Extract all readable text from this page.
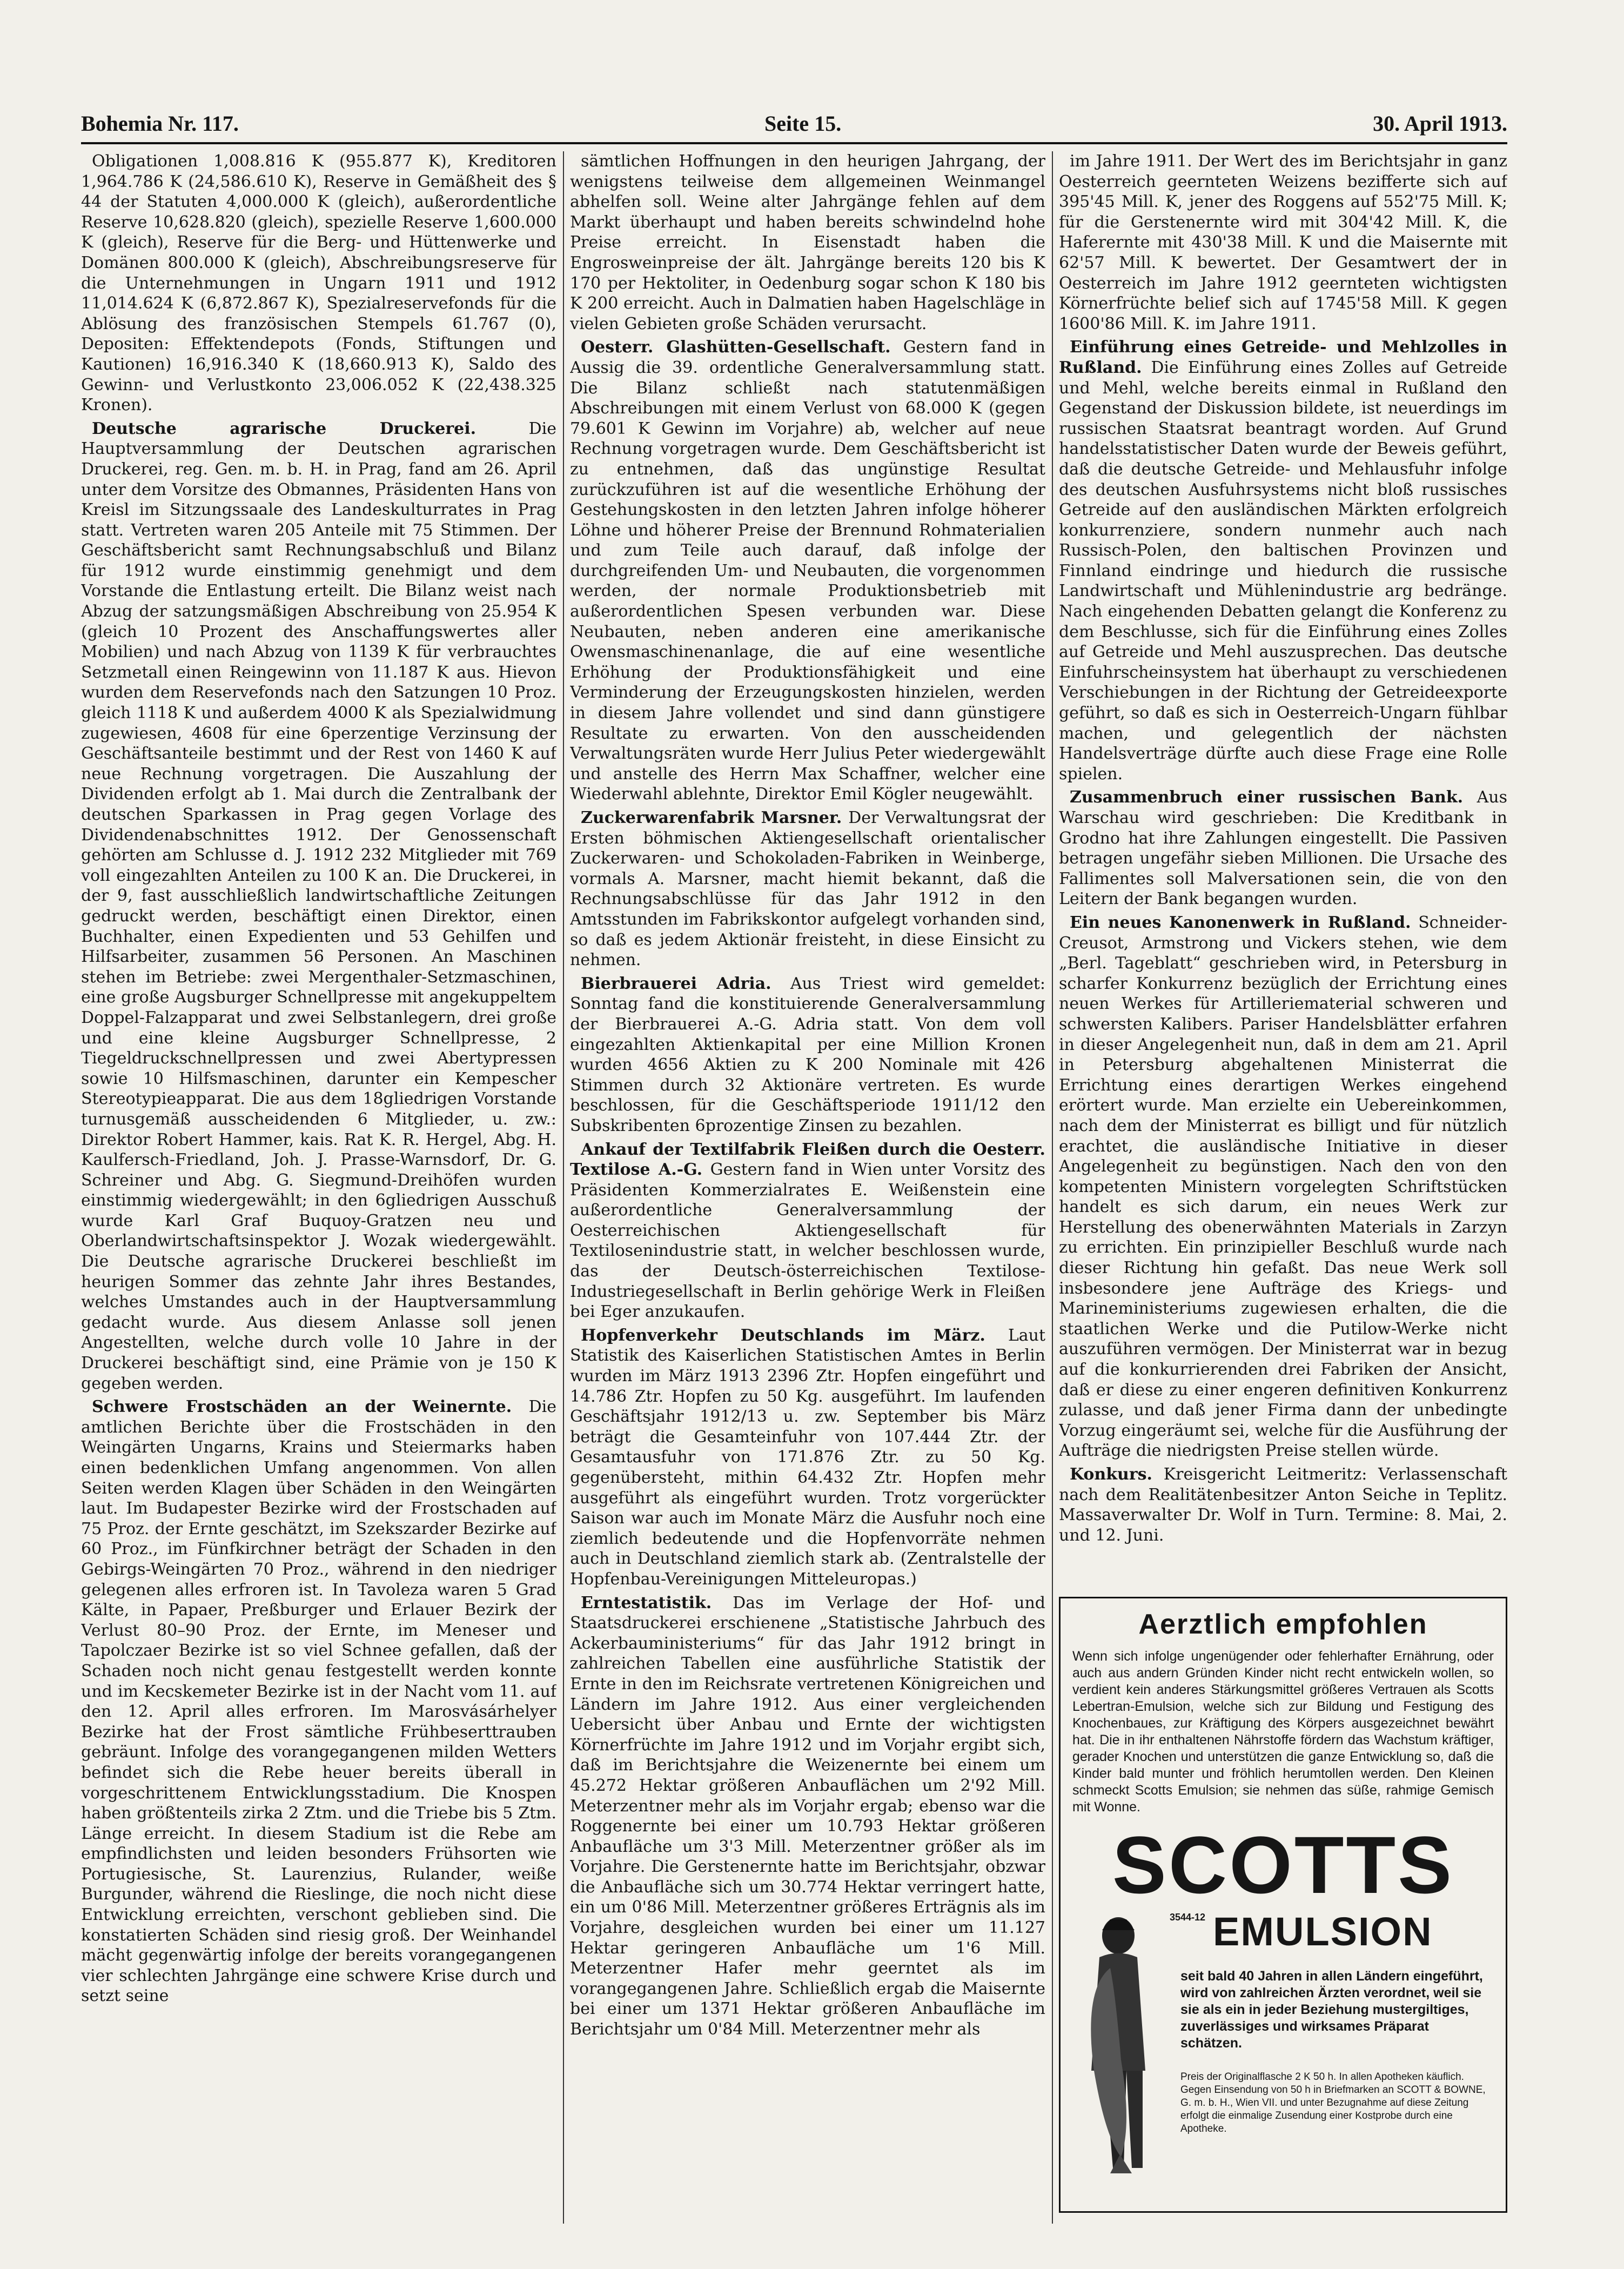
Bohemia Nr. 117.	Seite 15.	30. April 1913.

Obligationen 1,008.816 K (955.877 K), Kreditoren 1,964.786 K (24,586.610 K), Reserve in Gemäßheit des § 44 der Statuten 4,000.000 K (gleich), außerordentliche Reserve 10,628.820 (gleich), spezielle Reserve 1,600.000 K (gleich), Reserve für die Berg- und Hüttenwerke und Domänen 800.000 K (gleich), Abschreibungsreserve für die Unternehmungen in Ungarn 1911 und 1912 11,014.624 K (6,872.867 K), Spezialreservefonds für die Ablösung des französischen Stempels 61.767 (0), Depositen: Effektendepots (Fonds, Stiftungen und Kautionen) 16,916.340 K (18,660.913 K), Saldo des Gewinn- und Verlustkonto 23,006.052 K (22,438.325 Kronen).

Deutsche agrarische Druckerei.	Die Hauptversammlung der Deutschen agrarischen Druckerei, reg. Gen. m. b. H. in Prag, fand am 26. April unter dem Vorsitze des Obmannes, Präsidenten Hans von Kreisl im Sitzungssaale des Landeskulturrates in Prag statt. Vertreten waren 205 Anteile mit 75 Stimmen. Der Geschäftsbericht samt Rechnungsabschluß und Bilanz für 1912 wurde einstimmig genehmigt und dem Vorstande die Entlastung erteilt. Die Bilanz weist nach Abzug der satzungsmäßigen Abschreibung von 25.954 K (gleich 10 Prozent des Anschaffungswertes aller Mobilien) und nach Abzug von 1139 K für verbrauchtes Setzmetall einen Reingewinn von 11.187 K aus. Hievon wurden dem Reservefonds nach den Satzungen 10 Proz. gleich 1118 K und außerdem 4000 K als Spezialwidmung zugewiesen, 4608 für eine 6perzentige Verzinsung der Geschäftsanteile bestimmt und der Rest von 1460 K auf neue Rechnung vorgetragen. Die Auszahlung der Dividenden erfolgt ab 1. Mai durch die Zentralbank der deutschen Sparkassen in Prag gegen Vorlage des Dividendenabschnittes 1912. Der Genossenschaft gehörten am Schlusse d. J. 1912 232 Mitglieder mit 769 voll eingezahlten Anteilen zu 100 K an. Die Druckerei, in der 9, fast ausschließlich landwirtschaftliche Zeitungen gedruckt werden, beschäftigt einen Direktor, einen Buchhalter, einen Expedienten und 53 Gehilfen und Hilfsarbeiter, zusammen 56 Personen. An Maschinen stehen im Betriebe: zwei Mergenthaler-Setzmaschinen, eine große Augsburger Schnellpresse mit angekuppeltem Doppel-Falzapparat und zwei Selbstanlegern, drei große und eine kleine Augsburger Schnellpresse, 2 Tiegeldruckschnellpressen und zwei Abertypressen sowie 10 Hilfsmaschinen, darunter ein Kempescher Stereotypieapparat. Die aus dem 18gliedrigen Vorstande turnusgemäß ausscheidenden 6 Mitglieder, u. zw.: Direktor Robert Hammer, kais. Rat K. R. Hergel, Abg. H. Kaulfersch-Friedland, Joh. J. Prasse-Warnsdorf, Dr. G. Schreiner und Abg. G. Siegmund-Dreihöfen wurden einstimmig wiedergewählt; in den 6gliedrigen Ausschuß wurde Karl Graf Buquoy-Gratzen neu und Oberlandwirtschaftsinspektor J. Wozak wiedergewählt. Die Deutsche agrarische Druckerei beschließt im heurigen Sommer das zehnte Jahr ihres Bestandes, welches Umstandes auch in der Hauptversammlung gedacht wurde. Aus diesem Anlasse soll jenen Angestellten, welche durch volle 10 Jahre in der Druckerei beschäftigt sind, eine Prämie von je 150 K gegeben werden.

Schwere Frostschäden an der Weinernte. Die amtlichen Berichte über die Frostschäden in den Weingärten Ungarns, Krains und Steiermarks haben einen bedenklichen Umfang angenommen. Von allen Seiten werden Klagen über Schäden in den Weingärten laut. Im Budapester Bezirke wird der Frostschaden auf 75 Proz. der Ernte geschätzt, im Szekszarder Bezirke auf 60 Proz., im Fünfkirchner beträgt der Schaden in den Gebirgs-Weingärten 70 Proz., während in den niedriger gelegenen alles erfroren ist. In Tavoleza waren 5 Grad Kälte, in Papaer, Preßburger und Erlauer Bezirk der Verlust 80–90 Proz. der Ernte, im Meneser und Tapolczaer Bezirke ist so viel Schnee gefallen, daß der Schaden noch nicht genau festgestellt werden konnte und im Kecskemeter Bezirke ist in der Nacht vom 11. auf den 12. April alles erfroren. Im Marosvásárhelyer Bezirke hat der Frost sämtliche Frühbeserttrauben gebräunt. Infolge des vorangegangenen milden Wetters befindet sich die Rebe heuer bereits überall in vorgeschrittenem Entwicklungsstadium. Die Knospen haben größtenteils zirka 2 Ztm. und die Triebe bis 5 Ztm. Länge erreicht. In diesem Stadium ist die Rebe am empfindlichsten und leiden besonders Frühsorten wie Portugiesische, St. Laurenzius, Rulander, weiße Burgunder, während die Rieslinge, die noch nicht diese Entwicklung erreichten, verschont geblieben sind. Die konstatierten Schäden sind riesig groß. Der Weinhandel mächt gegenwärtig infolge der bereits vorangegangenen vier schlechten Jahrgänge eine schwere Krise durch und setzt seine

sämtlichen Hoffnungen in den heurigen Jahrgang, der wenigstens teilweise dem allgemeinen Weinmangel abhelfen soll. Weine alter Jahrgänge fehlen auf dem Markt überhaupt und haben bereits schwindelnd hohe Preise erreicht. In Eisenstadt haben die Engrosweinpreise der ält. Jahrgänge bereits 120 bis K 170 per Hektoliter, in Oedenburg sogar schon K 180 bis K 200 erreicht. Auch in Dalmatien haben Hagelschläge in vielen Gebieten große Schäden verursacht.

Oesterr. Glashütten-Gesellschaft. Gestern fand in Aussig die 39. ordentliche Generalversammlung statt. Die Bilanz schließt nach statutenmäßigen Abschreibungen mit einem Verlust von 68.000 K (gegen 79.601 K Gewinn im Vorjahre) ab, welcher auf neue Rechnung vorgetragen wurde. Dem Geschäftsbericht ist zu entnehmen, daß das ungünstige Resultat zurückzuführen ist auf die wesentliche Erhöhung der Gestehungskosten in den letzten Jahren infolge höherer Löhne und höherer Preise der Brennund Rohmaterialien und zum Teile auch darauf, daß infolge der durchgreifenden Um- und Neubauten, die vorgenommen werden, der normale Produktionsbetrieb mit außerordentlichen Spesen verbunden war. Diese Neubauten, neben anderen eine amerikanische Owensmaschinenanlage, die auf eine wesentliche Erhöhung der Produktionsfähigkeit und eine Verminderung der Erzeugungskosten hinzielen, werden in diesem Jahre vollendet und sind dann günstigere Resultate zu erwarten. Von den ausscheidenden Verwaltungsräten wurde Herr Julius Peter wiedergewählt und anstelle des Herrn Max Schaffner, welcher eine Wiederwahl ablehnte, Direktor Emil Kögler neugewählt.

Zuckerwarenfabrik Marsner. Der Verwaltungsrat der Ersten böhmischen Aktiengesellschaft orientalischer Zuckerwaren- und Schokoladen-Fabriken in Weinberge, vormals A. Marsner, macht hiemit bekannt, daß die Rechnungsabschlüsse für das Jahr 1912 in den Amtsstunden im Fabrikskontor aufgelegt vorhanden sind, so daß es jedem Aktionär freisteht, in diese Einsicht zu nehmen.

Bierbrauerei Adria. Aus Triest wird gemeldet: Sonntag fand die konstituierende Generalversammlung der Bierbrauerei A.-G. Adria statt. Von dem voll eingezahlten Aktienkapital per eine Million Kronen wurden 4656 Aktien zu K 200 Nominale mit 426 Stimmen durch 32 Aktionäre vertreten. Es wurde beschlossen, für die Geschäftsperiode 1911/12 den Subskribenten 6prozentige Zinsen zu bezahlen.

Ankauf der Textilfabrik Fleißen durch die Oesterr. Textilose A.-G. Gestern fand in Wien unter Vorsitz des Präsidenten Kommerzialrates E. Weißenstein eine außerordentliche Generalversammlung der Oesterreichischen Aktiengesellschaft für Textilosenindustrie statt, in welcher beschlossen wurde, das der Deutsch-österreichischen Textilose-Industriegesellschaft in Berlin gehörige Werk in Fleißen bei Eger anzukaufen.

Hopfenverkehr Deutschlands im März. Laut Statistik des Kaiserlichen Statistischen Amtes in Berlin wurden im März 1913 2396 Ztr. Hopfen eingeführt und 14.786 Ztr. Hopfen zu 50 Kg. ausgeführt. Im laufenden Geschäftsjahr 1912/13 u. zw. September bis März beträgt die Gesamteinfuhr von 107.444 Ztr. der Gesamtausfuhr von 171.876 Ztr. zu 50 Kg. gegenübersteht, mithin 64.432 Ztr. Hopfen mehr ausgeführt als eingeführt wurden. Trotz vorgerückter Saison war auch im Monate März die Ausfuhr noch eine ziemlich bedeutende und die Hopfenvorräte nehmen auch in Deutschland ziemlich stark ab. (Zentralstelle der Hopfenbau-Vereinigungen Mitteleuropas.)

Erntestatistik. Das im Verlage der Hof- und Staatsdruckerei erschienene „Statistische Jahrbuch des Ackerbauministeriums“ für das Jahr 1912 bringt in zahlreichen Tabellen eine ausführliche Statistik der Ernte in den im Reichsrate vertretenen Königreichen und Ländern im Jahre 1912. Aus einer vergleichenden Uebersicht über Anbau und Ernte der wichtigsten Körnerfrüchte im Jahre 1912 und im Vorjahr ergibt sich, daß im Berichtsjahre die Weizenernte bei einem um 45.272 Hektar größeren Anbauflächen um 2'92 Mill. Meterzentner mehr als im Vorjahr ergab; ebenso war die Roggenernte bei einer um 10.793 Hektar größeren Anbaufläche um 3'3 Mill. Meterzentner größer als im Vorjahre. Die Gerstenernte hatte im Berichtsjahr, obzwar die Anbaufläche sich um 30.774 Hektar verringert hatte, ein um 0'86 Mill. Meterzentner größeres Erträgnis als im Vorjahre, desgleichen wurden bei einer um 11.127 Hektar geringeren Anbaufläche um 1'6 Mill. Meterzentner Hafer mehr geerntet als im vorangegangenen Jahre. Schließlich ergab die Maisernte bei einer um 1371 Hektar größeren Anbaufläche im Berichtsjahr um 0'84 Mill. Meterzentner mehr als

im Jahre 1911. Der Wert des im Berichtsjahr in ganz Oesterreich geernteten Weizens bezifferte sich auf 395'45 Mill. K, jener des Roggens auf 552'75 Mill. K; für die Gerstenernte wird mit 304'42 Mill. K, die Haferernte mit 430'38 Mill. K und die Maisernte mit 62'57 Mill. K bewertet. Der Gesamtwert der in Oesterreich im Jahre 1912 geernteten wichtigsten Körnerfrüchte belief sich auf 1745'58 Mill. K gegen 1600'86 Mill. K. im Jahre 1911.

Einführung eines Getreide- und Mehlzolles in Rußland. Die Einführung eines Zolles auf Getreide und Mehl, welche bereits einmal in Rußland den Gegenstand der Diskussion bildete, ist neuerdings im russischen Staatsrat beantragt worden. Auf Grund handelsstatistischer Daten wurde der Beweis geführt, daß die deutsche Getreide- und Mehlausfuhr infolge des deutschen Ausfuhrsystems nicht bloß russisches Getreide auf den ausländischen Märkten erfolgreich konkurrenziere, sondern nunmehr auch nach Russisch-Polen, den baltischen Provinzen und Finnland eindringe und hiedurch die russische Landwirtschaft und Mühlenindustrie arg bedränge. Nach eingehenden Debatten gelangt die Konferenz zu dem Beschlusse, sich für die Einführung eines Zolles auf Getreide und Mehl auszusprechen. Das deutsche Einfuhrscheinsystem hat überhaupt zu verschiedenen Verschiebungen in der Richtung der Getreideexporte geführt, so daß es sich in Oesterreich-Ungarn fühlbar machen, und gelegentlich der nächsten Handelsverträge dürfte auch diese Frage eine Rolle spielen.

Zusammenbruch einer russischen Bank. Aus Warschau wird geschrieben: Die Kreditbank in Grodno hat ihre Zahlungen eingestellt. Die Passiven betragen ungefähr sieben Millionen. Die Ursache des Fallimentes soll Malversationen sein, die von den Leitern der Bank begangen wurden.

Ein neues Kanonenwerk in Rußland. Schneider-Creusot, Armstrong und Vickers stehen, wie dem „Berl. Tageblatt“ geschrieben wird, in Petersburg in scharfer Konkurrenz bezüglich der Errichtung eines neuen Werkes für Artilleriematerial schweren und schwersten Kalibers. Pariser Handelsblätter erfahren in dieser Angelegenheit nun, daß in dem am 21. April in Petersburg abgehaltenen Ministerrat die Errichtung eines derartigen Werkes eingehend erörtert wurde. Man erzielte ein Uebereinkommen, nach dem der Ministerrat es billigt und für nützlich erachtet, die ausländische Initiative in dieser Angelegenheit zu begünstigen. Nach den von den kompetenten Ministern vorgelegten Schriftstücken handelt es sich darum, ein neues Werk zur Herstellung des obenerwähnten Materials in Zarzyn zu errichten. Ein prinzipieller Beschluß wurde nach dieser Richtung hin gefaßt. Das neue Werk soll insbesondere jene Aufträge des Kriegs- und Marineministeriums zugewiesen erhalten, die die staatlichen Werke und die Putilow-Werke nicht auszuführen vermögen. Der Ministerrat war in bezug auf die konkurrierenden drei Fabriken der Ansicht, daß er diese zu einer engeren definitiven Konkurrenz zulasse, und daß jener Firma dann der unbedingte Vorzug eingeräumt sei, welche für die Ausführung der Aufträge die niedrigsten Preise stellen würde.

Konkurs. Kreisgericht Leitmeritz: Verlassenschaft nach dem Realitätenbesitzer Anton Seiche in Teplitz. Massaverwalter Dr. Wolf in Turn. Termine: 8. Mai, 2. und 12. Juni.

Aerztlich empfohlen
Wenn sich infolge ungenügender oder fehlerhafter Ernährung, oder auch aus andern Gründen Kinder nicht recht entwickeln wollen, so verdient kein anderes Stärkungsmittel größeres Vertrauen als Scotts Lebertran-Emulsion, welche sich zur Bildung und Festigung des Knochenbaues, zur Kräftigung des Körpers ausgezeichnet bewährt hat. Die in ihr enthaltenen Nährstoffe fördern das Wachstum kräftiger, gerader Knochen und unterstützen die ganze Entwicklung so, daß die Kinder bald munter und fröhlich herumtollen werden. Den Kleinen schmeckt Scotts Emulsion; sie nehmen das süße, rahmige Gemisch mit Wonne.
SCOTTS
3544-12 EMULSION
seit bald 40 Jahren in allen Ländern eingeführt, wird von zahlreichen Ärzten verordnet, weil sie sie als ein in jeder Beziehung mustergiltiges, zuverlässiges und wirksames Präparat schätzen.
Preis der Originalflasche 2 K 50 h. In allen Apotheken käuflich. Gegen Einsendung von 50 h in Briefmarken an SCOTT & BOWNE, G. m. b. H., Wien VII. und unter Bezugnahme auf diese Zeitung erfolgt die einmalige Zusendung einer Kostprobe durch eine Apotheke.
